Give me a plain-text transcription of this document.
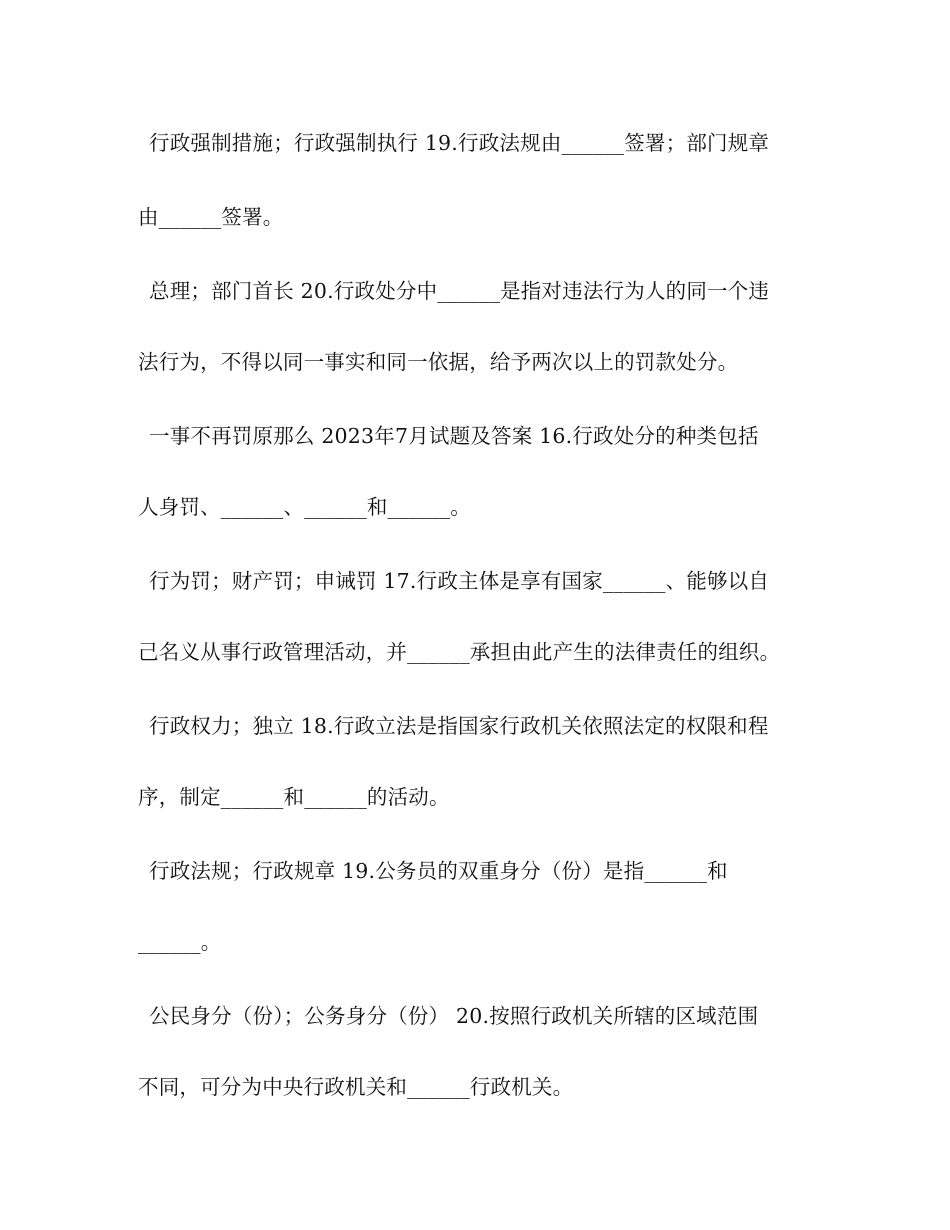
行政强制措施；行政强制执行 19.行政法规由______签署；部门规章
由______签署。
总理；部门首长 20.行政处分中______是指对违法行为人的同一个违
法行为，不得以同一事实和同一依据，给予两次以上的罚款处分。
一事不再罚原那么 2023年7月试题及答案 16.行政处分的种类包括
人身罚、______、______和______。
行为罚；财产罚；申诫罚 17.行政主体是享有国家______、能够以自
己名义从事行政管理活动，并______承担由此产生的法律责任的组织。
行政权力；独立 18.行政立法是指国家行政机关依照法定的权限和程
序，制定______和______的活动。
行政法规；行政规章 19.公务员的双重身分（份）是指______和
______。
公民身分（份）；公务身分（份） 20.按照行政机关所辖的区域范围
不同，可分为中央行政机关和______行政机关。
